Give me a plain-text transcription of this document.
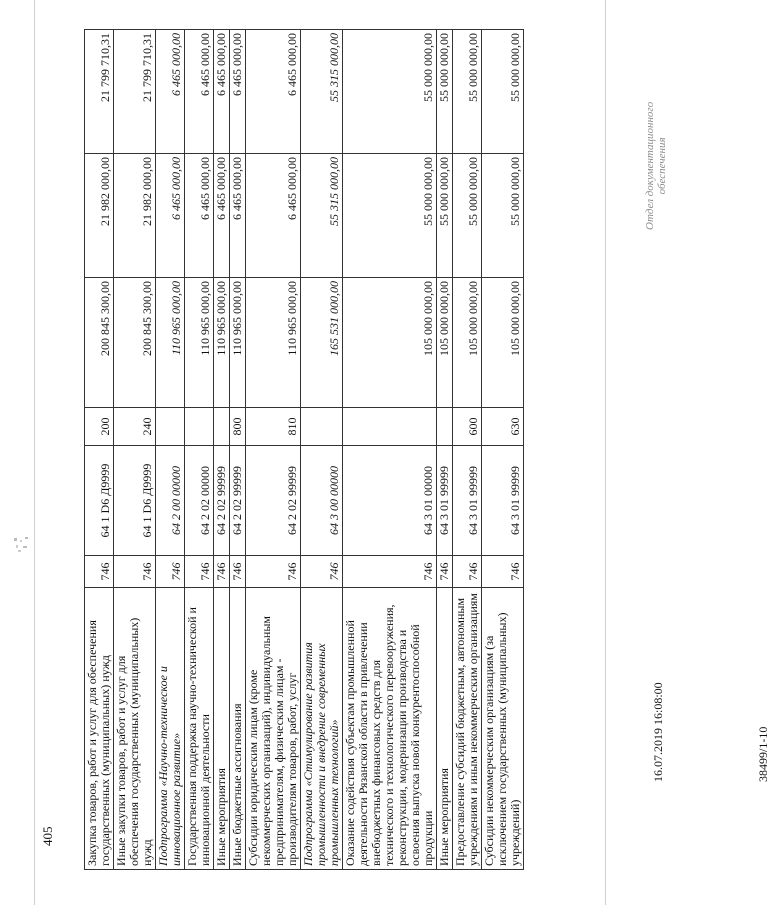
405	Закупка товаров, работ и услуг для обеспечения государственных (муниципальных) нужд	746	64 1 D6 Д9999	200	200 845 300,00	21 982 000,00	21 799 710,31
Иные закупки товаров, работ и услуг для обеспечения государственных (муниципальных) нужд	746	64 1 D6 Д9999	240	200 845 300,00	21 982 000,00	21 799 710,31
Подпрограмма «Научно-техническое и инновационное развитие»	746	64 2 00 00000		110 965 000,00	6 465 000,00	6 465 000,00
Государственная поддержка научно-технической и инновационной деятельности	746	64 2 02 00000		110 965 000,00	6 465 000,00	6 465 000,00
Иные мероприятия	746	64 2 02 99999		110 965 000,00	6 465 000,00	6 465 000,00
Иные бюджетные ассигнования	746	64 2 02 99999	800	110 965 000,00	6 465 000,00	6 465 000,00
Субсидии юридическим лицам (кроме некоммерческих организаций), индивидуальным предпринимателям, физическим лицам - производителям товаров, работ, услуг	746	64 2 02 99999	810	110 965 000,00	6 465 000,00	6 465 000,00
Подпрограмма «Стимулирование развития промышленности и внедрение современных промышленных технологий»	746	64 3 00 00000		165 531 000,00	55 315 000,00	55 315 000,00
Оказание содействия субъектам промышленной деятельности Рязанской области в привлечении внебюджетных финансовых средств для технического и технологического перевооружения, реконструкции, модернизации производства и освоения выпуска новой конкурентоспособной продукции	746	64 3 01 00000		105 000 000,00	55 000 000,00	55 000 000,00
Иные мероприятия	746	64 3 01 99999		105 000 000,00	55 000 000,00	55 000 000,00
Предоставление субсидий бюджетным, автономным учреждениям и иным некоммерческим организациям	746	64 3 01 99999	600	105 000 000,00	55 000 000,00	55 000 000,00
Субсидии некоммерческим организациям (за исключением государственных (муниципальных) учреждений)	746	64 3 01 99999	630	105 000 000,00	55 000 000,00	55 000 000,00
16.07.2019 16:08:00	38499/1-10
Отдел документационного обеспечения
